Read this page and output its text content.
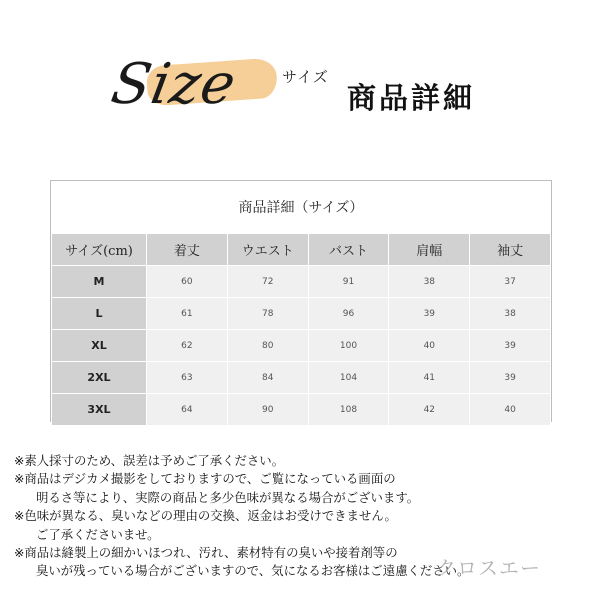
Size	サイズ
商品詳細
商品詳細（サイズ）
サイズ(cm)	着丈	ウエスト	バスト	肩幅	袖丈
M	60	72	91	38	37
L	61	78	96	39	38
XL	62	80	100	40	39
2XL	63	84	104	41	39
3XL	64	90	108	42	40
※素人採寸のため、誤差は予めご了承ください。
※商品はデジカメ撮影をしておりますので、ご覧になっている画面の
明るさ等により、実際の商品と多少色味が異なる場合がございます。
※色味が異なる、臭いなどの理由の交換、返金はお受けできません。
ご了承くださいませ。
※商品は縫製上の細かいほつれ、汚れ、素材特有の臭いや接着剤等の
臭いが残っている場合がございますので、気になるお客様はご遠慮ください。
クロスエー
